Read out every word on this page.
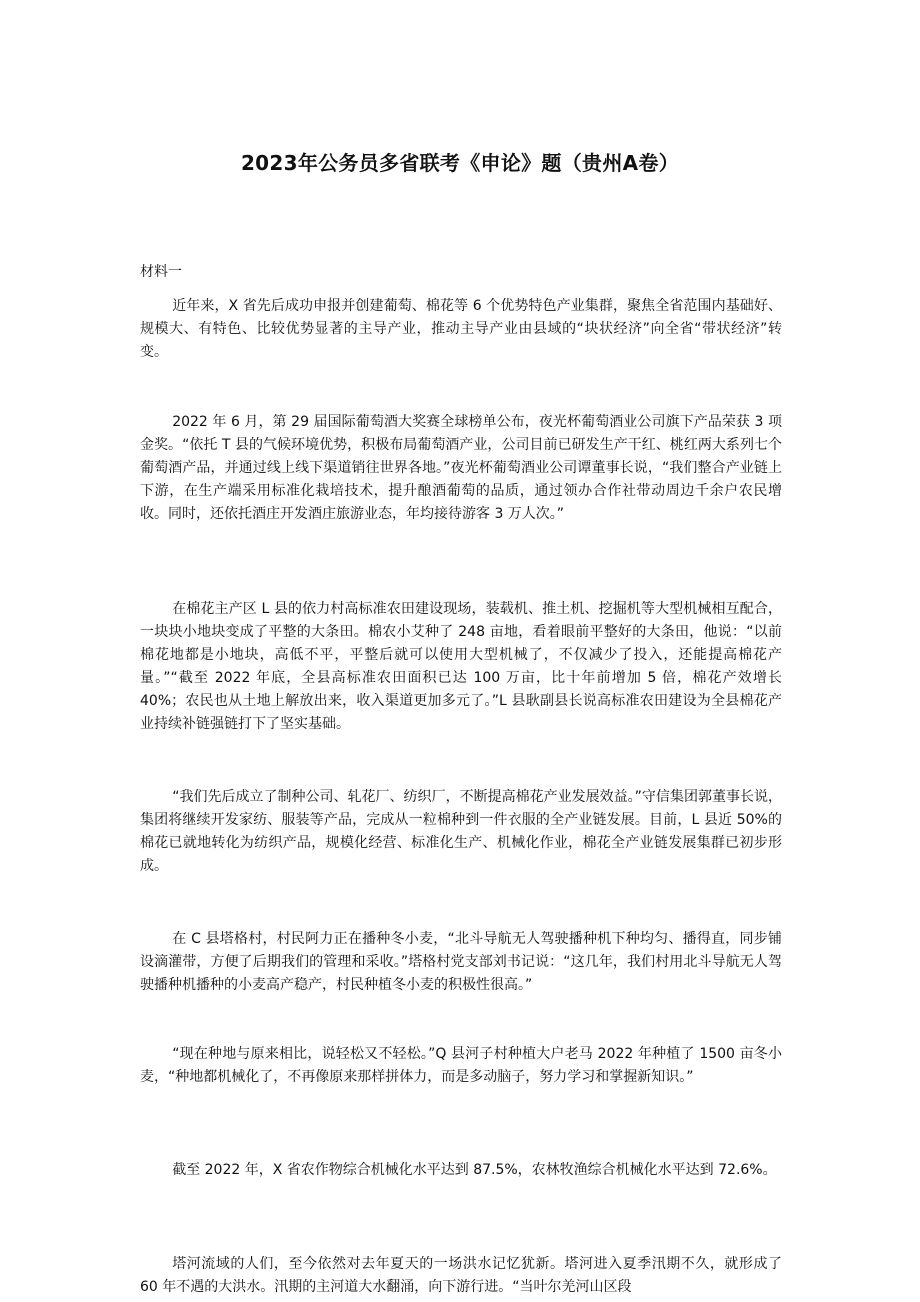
2023年公务员多省联考《申论》题（贵州A卷）
材料一

近年来，X 省先后成功申报并创建葡萄、棉花等 6 个优势特色产业集群，聚焦全省范围内基础好、规模大、有特色、比较优势显著的主导产业，推动主导产业由县域的“块状经济”向全省“带状经济”转变。

2022 年 6 月，第 29 届国际葡萄酒大奖赛全球榜单公布，夜光杯葡萄酒业公司旗下产品荣获 3 项金奖。“依托 T 县的气候环境优势，积极布局葡萄酒产业，公司目前已研发生产干红、桃红两大系列七个葡萄酒产品，并通过线上线下渠道销往世界各地。”夜光杯葡萄酒业公司谭董事长说，“我们整合产业链上下游，在生产端采用标准化栽培技术，提升酿酒葡萄的品质，通过领办合作社带动周边千余户农民增收。同时，还依托酒庄开发酒庄旅游业态，年均接待游客 3 万人次。”

在棉花主产区 L 县的依力村高标准农田建设现场，装载机、推土机、挖掘机等大型机械相互配合，一块块小地块变成了平整的大条田。棉农小艾种了 248 亩地，看着眼前平整好的大条田，他说：“以前棉花地都是小地块，高低不平，平整后就可以使用大型机械了，不仅减少了投入，还能提高棉花产量。”“截至 2022 年底，全县高标准农田面积已达 100 万亩，比十年前增加 5 倍，棉花产效增长 40%；农民也从土地上解放出来，收入渠道更加多元了。”L 县耿副县长说高标准农田建设为全县棉花产业持续补链强链打下了坚实基础。

“我们先后成立了制种公司、轧花厂、纺织厂，不断提高棉花产业发展效益。”守信集团郭董事长说，集团将继续开发家纺、服装等产品，完成从一粒棉种到一件衣服的全产业链发展。目前，L 县近 50%的棉花已就地转化为纺织产品，规模化经营、标准化生产、机械化作业，棉花全产业链发展集群已初步形成。

在 C 县塔格村，村民阿力正在播种冬小麦，“北斗导航无人驾驶播种机下种均匀、播得直，同步铺设滴灌带，方便了后期我们的管理和采收。”塔格村党支部刘书记说：“这几年，我们村用北斗导航无人驾驶播种机播种的小麦高产稳产，村民种植冬小麦的积极性很高。”

“现在种地与原来相比，说轻松又不轻松。”Q 县河子村种植大户老马 2022 年种植了 1500 亩冬小麦，“种地都机械化了，不再像原来那样拼体力，而是多动脑子，努力学习和掌握新知识。”

截至 2022 年，X 省农作物综合机械化水平达到 87.5%，农林牧渔综合机械化水平达到 72.6%。

塔河流域的人们，至今依然对去年夏天的一场洪水记忆犹新。塔河进入夏季汛期不久，就形成了 60 年不遇的大洪水。汛期的主河道大水翻涌，向下游行进。“当叶尔羌河山区段
